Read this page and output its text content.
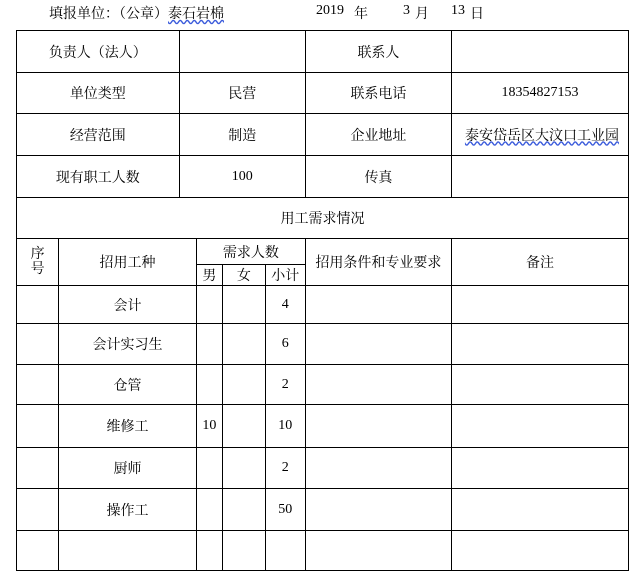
填报单位：（公章）泰石岩棉	2019 年	3 月 13 日
负责人（法人）						联系人	
单位类型		民营				联系电话	18354827153
经营范围		制造				企业地址	泰安岱岳区大汶口工业园
现有职工人数		100				传真	
用工需求情况							
序号	招用工种		需求人数			招用条件和专业要求	备注
			男	女	小计		
	会计				4		
	会计实习生				6		
	仓管				2		
	维修工		10		10		
	厨师				2		
	操作工				50		
